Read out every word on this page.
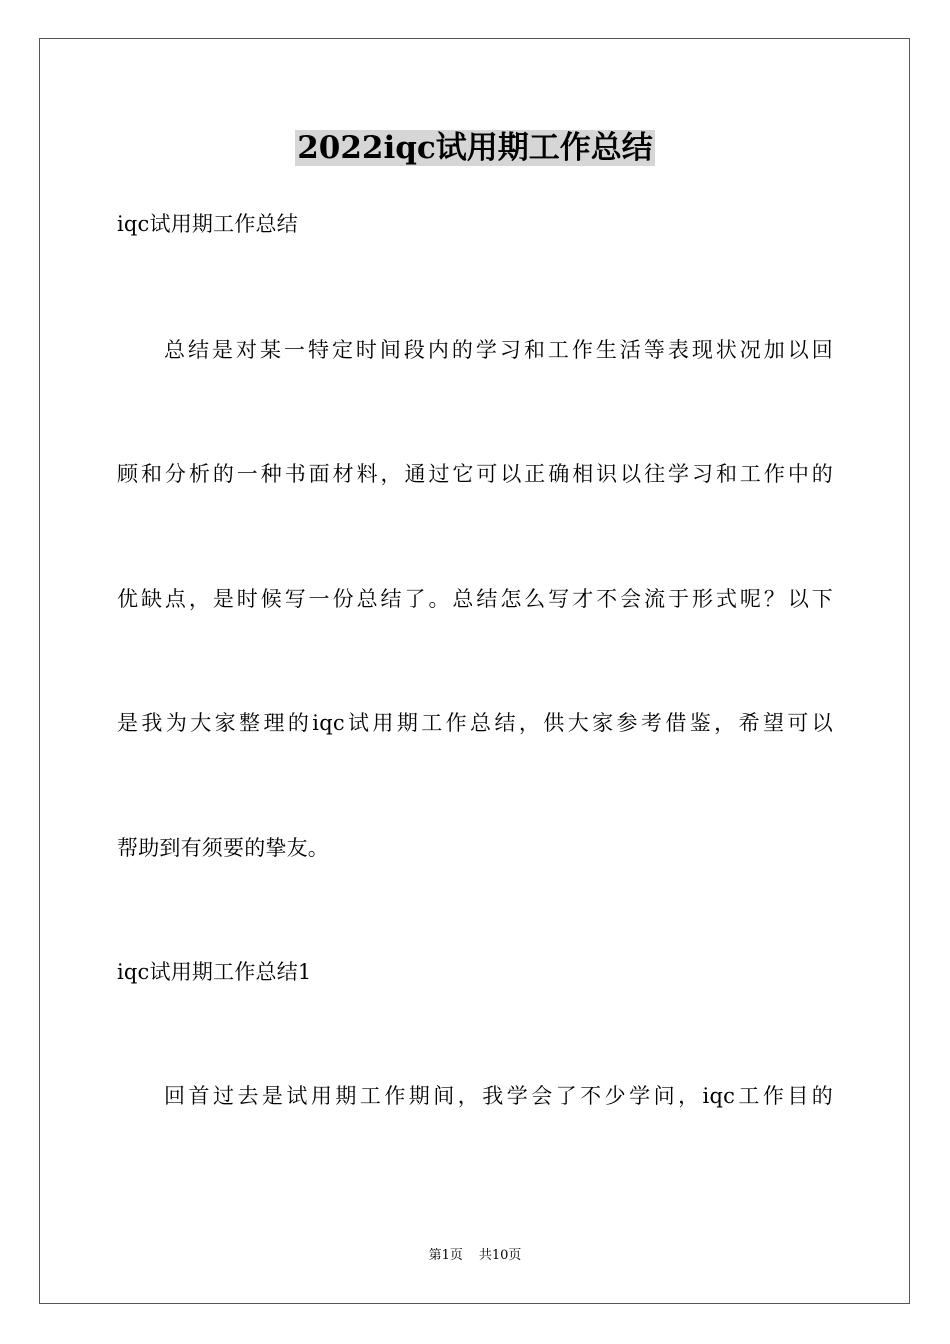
2022iqc试用期工作总结
iqc试用期工作总结
总结是对某一特定时间段内的学习和工作生活等表现状况加以回
顾和分析的一种书面材料，通过它可以正确相识以往学习和工作中的
优缺点，是时候写一份总结了。总结怎么写才不会流于形式呢？以下
是我为大家整理的iqc试用期工作总结，供大家参考借鉴，希望可以
帮助到有须要的挚友。
iqc试用期工作总结1
回首过去是试用期工作期间，我学会了不少学问，iqc工作目的
第1页 共10页
